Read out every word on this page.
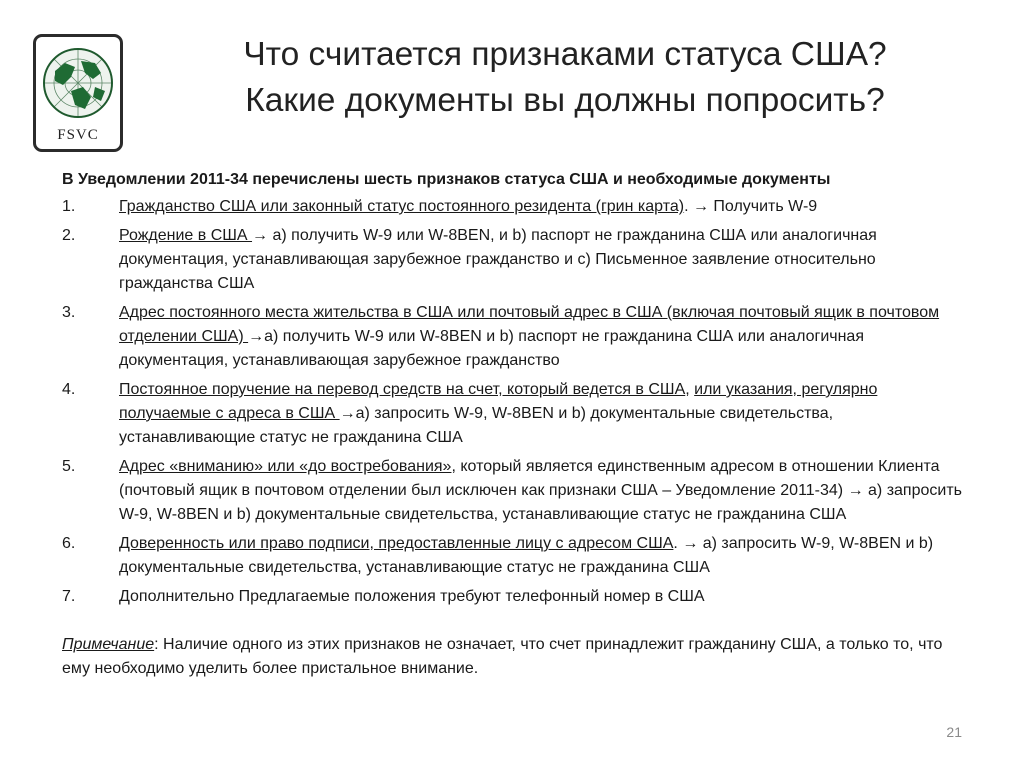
FSVC
Что считается признаками статуса США?
Какие документы вы должны попросить?
В Уведомлении 2011-34 перечислены шесть признаков статуса США и необходимые документы
1.	Гражданство США или законный статус постоянного резидента (грин карта). → Получить W-9
2.	Рождение в США → a) получить W-9 или W-8BEN, и b) паспорт не гражданина США или аналогичная документация, устанавливающая зарубежное гражданство и c) Письменное заявление относительно гражданства США
3.	Адрес постоянного места жительства в США или почтовый адрес в США (включая почтовый ящик в почтовом отделении США) →a) получить W-9 или W-8BEN и b) паспорт не гражданина США или аналогичная документация, устанавливающая зарубежное гражданство
4.	Постоянное поручение на перевод средств на счет, который ведется в США, или указания, регулярно получаемые с адреса в США →a) запросить W-9, W-8BEN и b) документальные свидетельства, устанавливающие статус не гражданина США
5.	Адрес «вниманию» или «до востребования», который является единственным адресом в отношении Клиента (почтовый ящик в почтовом отделении был исключен как признаки США – Уведомление 2011-34) → a) запросить W-9, W-8BEN и b) документальные свидетельства, устанавливающие статус не гражданина США
6.	Доверенность или право подписи, предоставленные лицу с адресом США. → a) запросить W-9, W-8BEN и b) документальные свидетельства, устанавливающие статус не гражданина США
7.	Дополнительно Предлагаемые положения требуют телефонный номер в США
Примечание: Наличие одного из этих признаков не означает, что счет принадлежит гражданину США, а только то, что ему необходимо уделить более пристальное внимание.
21
